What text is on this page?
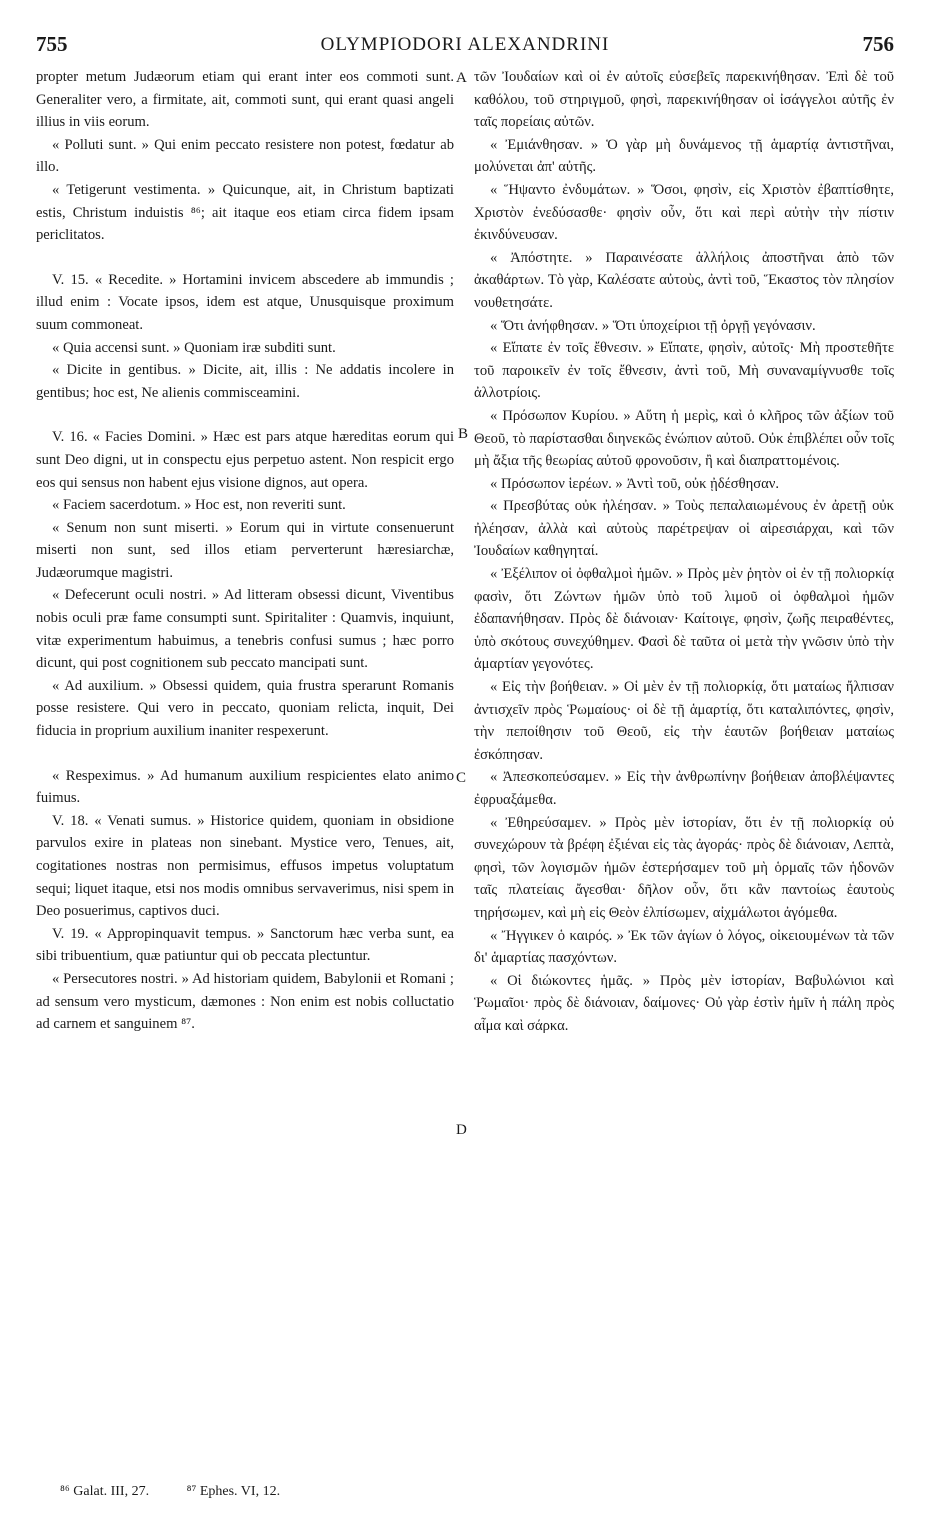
755	OLYMPIODORI ALEXANDRINI	756

propter metum Judæorum etiam qui erant inter eos commoti sunt. Generaliter vero, a firmitate, ait, commoti sunt, qui erant quasi angeli illius in viis eorum.

« Polluti sunt. » Qui enim peccato resistere non potest, fœdatur ab illo.

« Tetigerunt vestimenta. » Quicunque, ait, in Christum baptizati estis, Christum induistis ⁸⁶; ait itaque eos etiam circa fidem ipsam periclitatos.

V. 15. « Recedite. » Hortamini invicem abscedere ab immundis ; illud enim : Vocate ipsos, idem est atque, Unusquisque proximum suum commoneat.

« Quia accensi sunt. » Quoniam iræ subditi sunt.

« Dicite in gentibus. » Dicite, ait, illis : Ne addatis incolere in gentibus; hoc est, Ne alienis commisceamini.

V. 16. « Facies Domini. » Hæc est pars atque hæreditas eorum qui sunt Deo digni, ut in conspectu ejus perpetuo astent. Non respicit ergo eos qui sensus non habent ejus visione dignos, aut opera.

« Faciem sacerdotum. » Hoc est, non reveriti sunt.

« Senum non sunt miserti. » Eorum qui in virtute consenuerunt miserti non sunt, sed illos etiam perverterunt hæresiarchæ, Judæorumque magistri.

« Defecerunt oculi nostri. » Ad litteram obsessi dicunt, Viventibus nobis oculi præ fame consumpti sunt. Spiritaliter : Quamvis, inquiunt, vitæ experimentum habuimus, a tenebris confusi sumus ; hæc porro dicunt, qui post cognitionem sub peccato mancipati sunt.

« Ad auxilium. » Obsessi quidem, quia frustra sperarunt Romanis posse resistere. Qui vero in peccato, quoniam relicta, inquit, Dei fiducia in proprium auxilium inaniter respexerunt.

« Respeximus. » Ad humanum auxilium respicientes elato animo fuimus.

V. 18. « Venati sumus. » Historice quidem, quoniam in obsidione parvulos exire in plateas non sinebant. Mystice vero, Tenues, ait, cogitationes nostras non permisimus, effusos impetus voluptatum sequi; liquet itaque, etsi nos modis omnibus servaverimus, nisi spem in Deo posuerimus, captivos duci.

V. 19. « Appropinquavit tempus. » Sanctorum hæc verba sunt, ea sibi tribuentium, quæ patiuntur qui ob peccata plectuntur.

« Persecutores nostri. » Ad historiam quidem, Babylonii et Romani ; ad sensum vero mysticum, dæmones : Non enim est nobis colluctatio ad carnem et sanguinem ⁸⁷.

τῶν Ἰουδαίων καὶ οἱ ἐν αὐτοῖς εὐσεβεῖς παρεκινήθησαν. Ἐπὶ δὲ τοῦ καθόλου, τοῦ στηριγμοῦ, φησὶ, παρεκινήθησαν οἱ ἰσάγγελοι αὐτῆς ἐν ταῖς πορείαις αὐτῶν.

« Ἐμιάνθησαν. » Ὁ γὰρ μὴ δυνάμενος τῇ ἁμαρτίᾳ ἀντιστῆναι, μολύνεται ἀπ' αὐτῆς.

« Ἥψαντο ἐνδυμάτων. » Ὅσοι, φησὶν, εἰς Χριστὸν ἐβαπτίσθητε, Χριστὸν ἐνεδύσασθε· φησὶν οὖν, ὅτι καὶ περὶ αὐτὴν τὴν πίστιν ἐκινδύνευσαν.

« Ἀπόστητε. » Παραινέσατε ἀλλήλοις ἀποστῆναι ἀπὸ τῶν ἀκαθάρτων. Τὸ γὰρ, Καλέσατε αὐτοὺς, ἀντὶ τοῦ, Ἕκαστος τὸν πλησίον νουθετησάτε.

« Ὅτι ἀνήφθησαν. » Ὅτι ὑποχείριοι τῇ ὀργῇ γεγόνασιν.

« Εἴπατε ἐν τοῖς ἔθνεσιν. » Εἴπατε, φησὶν, αὐτοῖς· Μὴ προστεθῆτε τοῦ παροικεῖν ἐν τοῖς ἔθνεσιν, ἀντὶ τοῦ, Μὴ συναναμίγνυσθε τοῖς ἀλλοτρίοις.

« Πρόσωπον Κυρίου. » Αὕτη ἡ μερὶς, καὶ ὁ κλῆρος τῶν ἀξίων τοῦ Θεοῦ, τὸ παρίστασθαι διηνεκῶς ἐνώπιον αὐτοῦ. Οὐκ ἐπιβλέπει οὖν τοῖς μὴ ἄξια τῆς θεωρίας αὐτοῦ φρονοῦσιν, ἢ καὶ διαπραττομένοις.

« Πρόσωπον ἱερέων. » Ἀντὶ τοῦ, οὐκ ᾐδέσθησαν.

« Πρεσβύτας οὐκ ἠλέησαν. » Τοὺς πεπαλαιωμένους ἐν ἀρετῇ οὐκ ἠλέησαν, ἀλλὰ καὶ αὐτοὺς παρέτρεψαν οἱ αἱρεσιάρχαι, καὶ τῶν Ἰουδαίων καθηγηταί.

« Ἐξέλιπον οἱ ὀφθαλμοὶ ἡμῶν. » Πρὸς μὲν ῥητὸν οἱ ἐν τῇ πολιορκίᾳ φασὶν, ὅτι Ζώντων ἡμῶν ὑπὸ τοῦ λιμοῦ οἱ ὀφθαλμοὶ ἡμῶν ἐδαπανήθησαν. Πρὸς δὲ διάνοιαν· Καίτοιγε, φησὶν, ζωῆς πειραθέντες, ὑπὸ σκότους συνεχύθημεν. Φασὶ δὲ ταῦτα οἱ μετὰ τὴν γνῶσιν ὑπὸ τὴν ἁμαρτίαν γεγονότες.

« Εἰς τὴν βοήθειαν. » Οἱ μὲν ἐν τῇ πολιορκίᾳ, ὅτι ματαίως ἤλπισαν ἀντισχεῖν πρὸς Ῥωμαίους· οἱ δὲ τῇ ἁμαρτίᾳ, ὅτι καταλιπόντες, φησὶν, τὴν πεποίθησιν τοῦ Θεοῦ, εἰς τὴν ἑαυτῶν βοήθειαν ματαίως ἐσκόπησαν.

« Ἀπεσκοπεύσαμεν. » Εἰς τὴν ἀνθρωπίνην βοήθειαν ἀποβλέψαντες ἐφρυαξάμεθα.

« Ἐθηρεύσαμεν. » Πρὸς μὲν ἱστορίαν, ὅτι ἐν τῇ πολιορκίᾳ οὐ συνεχώρουν τὰ βρέφη ἐξιέναι εἰς τὰς ἀγοράς· πρὸς δὲ διάνοιαν, Λεπτὰ, φησὶ, τῶν λογισμῶν ἡμῶν ἐστερήσαμεν τοῦ μὴ ὁρμαῖς τῶν ἡδονῶν ταῖς πλατείαις ἄγεσθαι· δῆλον οὖν, ὅτι κἂν παντοίως ἑαυτοὺς τηρήσωμεν, καὶ μὴ εἰς Θεὸν ἐλπίσωμεν, αἰχμάλωτοι ἀγόμεθα.

« Ἤγγικεν ὁ καιρός. » Ἐκ τῶν ἁγίων ὁ λόγος, οἰκειουμένων τὰ τῶν δι' ἁμαρτίας πασχόντων.

« Οἱ διώκοντες ἡμᾶς. » Πρὸς μὲν ἱστορίαν, Βαβυλώνιοι καὶ Ῥωμαῖοι· πρὸς δὲ διάνοιαν, δαίμονες· Οὐ γὰρ ἐστὶν ἡμῖν ἡ πάλη πρὸς αἷμα καὶ σάρκα.

A
B
C
D
⁸⁶ Galat. III, 27.	⁸⁷ Ephes. VI, 12.
